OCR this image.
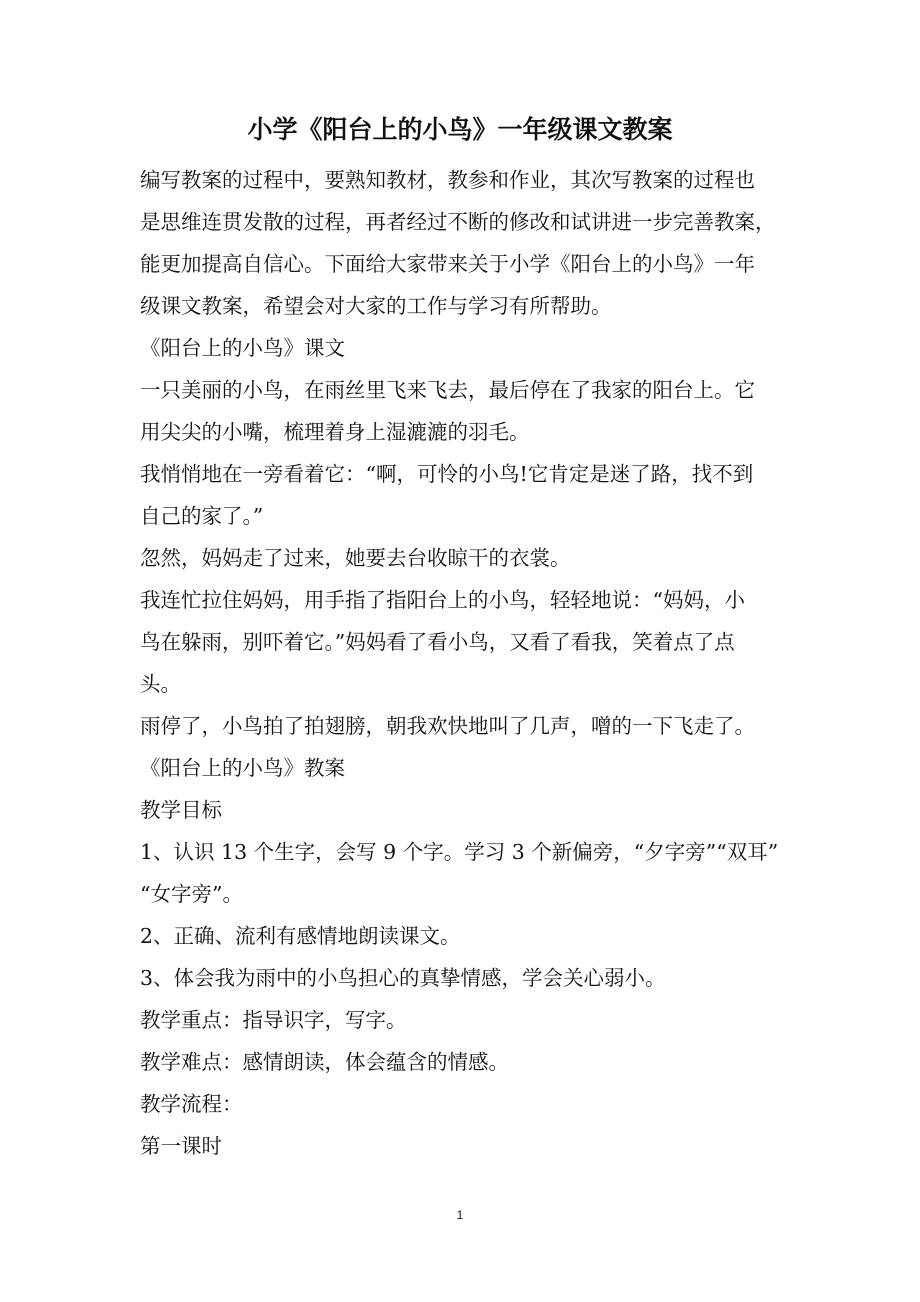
小学《阳台上的小鸟》一年级课文教案
编写教案的过程中，要熟知教材，教参和作业，其次写教案的过程也
是思维连贯发散的过程，再者经过不断的修改和试讲进一步完善教案，
能更加提高自信心。下面给大家带来关于小学《阳台上的小鸟》一年
级课文教案，希望会对大家的工作与学习有所帮助。
《阳台上的小鸟》课文
一只美丽的小鸟，在雨丝里飞来飞去，最后停在了我家的阳台上。它
用尖尖的小嘴，梳理着身上湿漉漉的羽毛。
我悄悄地在一旁看着它：“啊，可怜的小鸟!它肯定是迷了路，找不到
自己的家了。”
忽然，妈妈走了过来，她要去台收晾干的衣裳。
我连忙拉住妈妈，用手指了指阳台上的小鸟，轻轻地说：“妈妈，小
鸟在躲雨，别吓着它。”妈妈看了看小鸟，又看了看我，笑着点了点
头。
雨停了，小鸟拍了拍翅膀，朝我欢快地叫了几声，噌的一下飞走了。
《阳台上的小鸟》教案
教学目标
1、认识 13 个生字，会写 9 个字。学习 3 个新偏旁，“夕字旁”“双耳”
“女字旁”。
2、正确、流利有感情地朗读课文。
3、体会我为雨中的小鸟担心的真挚情感，学会关心弱小。
教学重点：指导识字，写字。
教学难点：感情朗读，体会蕴含的情感。
教学流程：
第一课时
1
